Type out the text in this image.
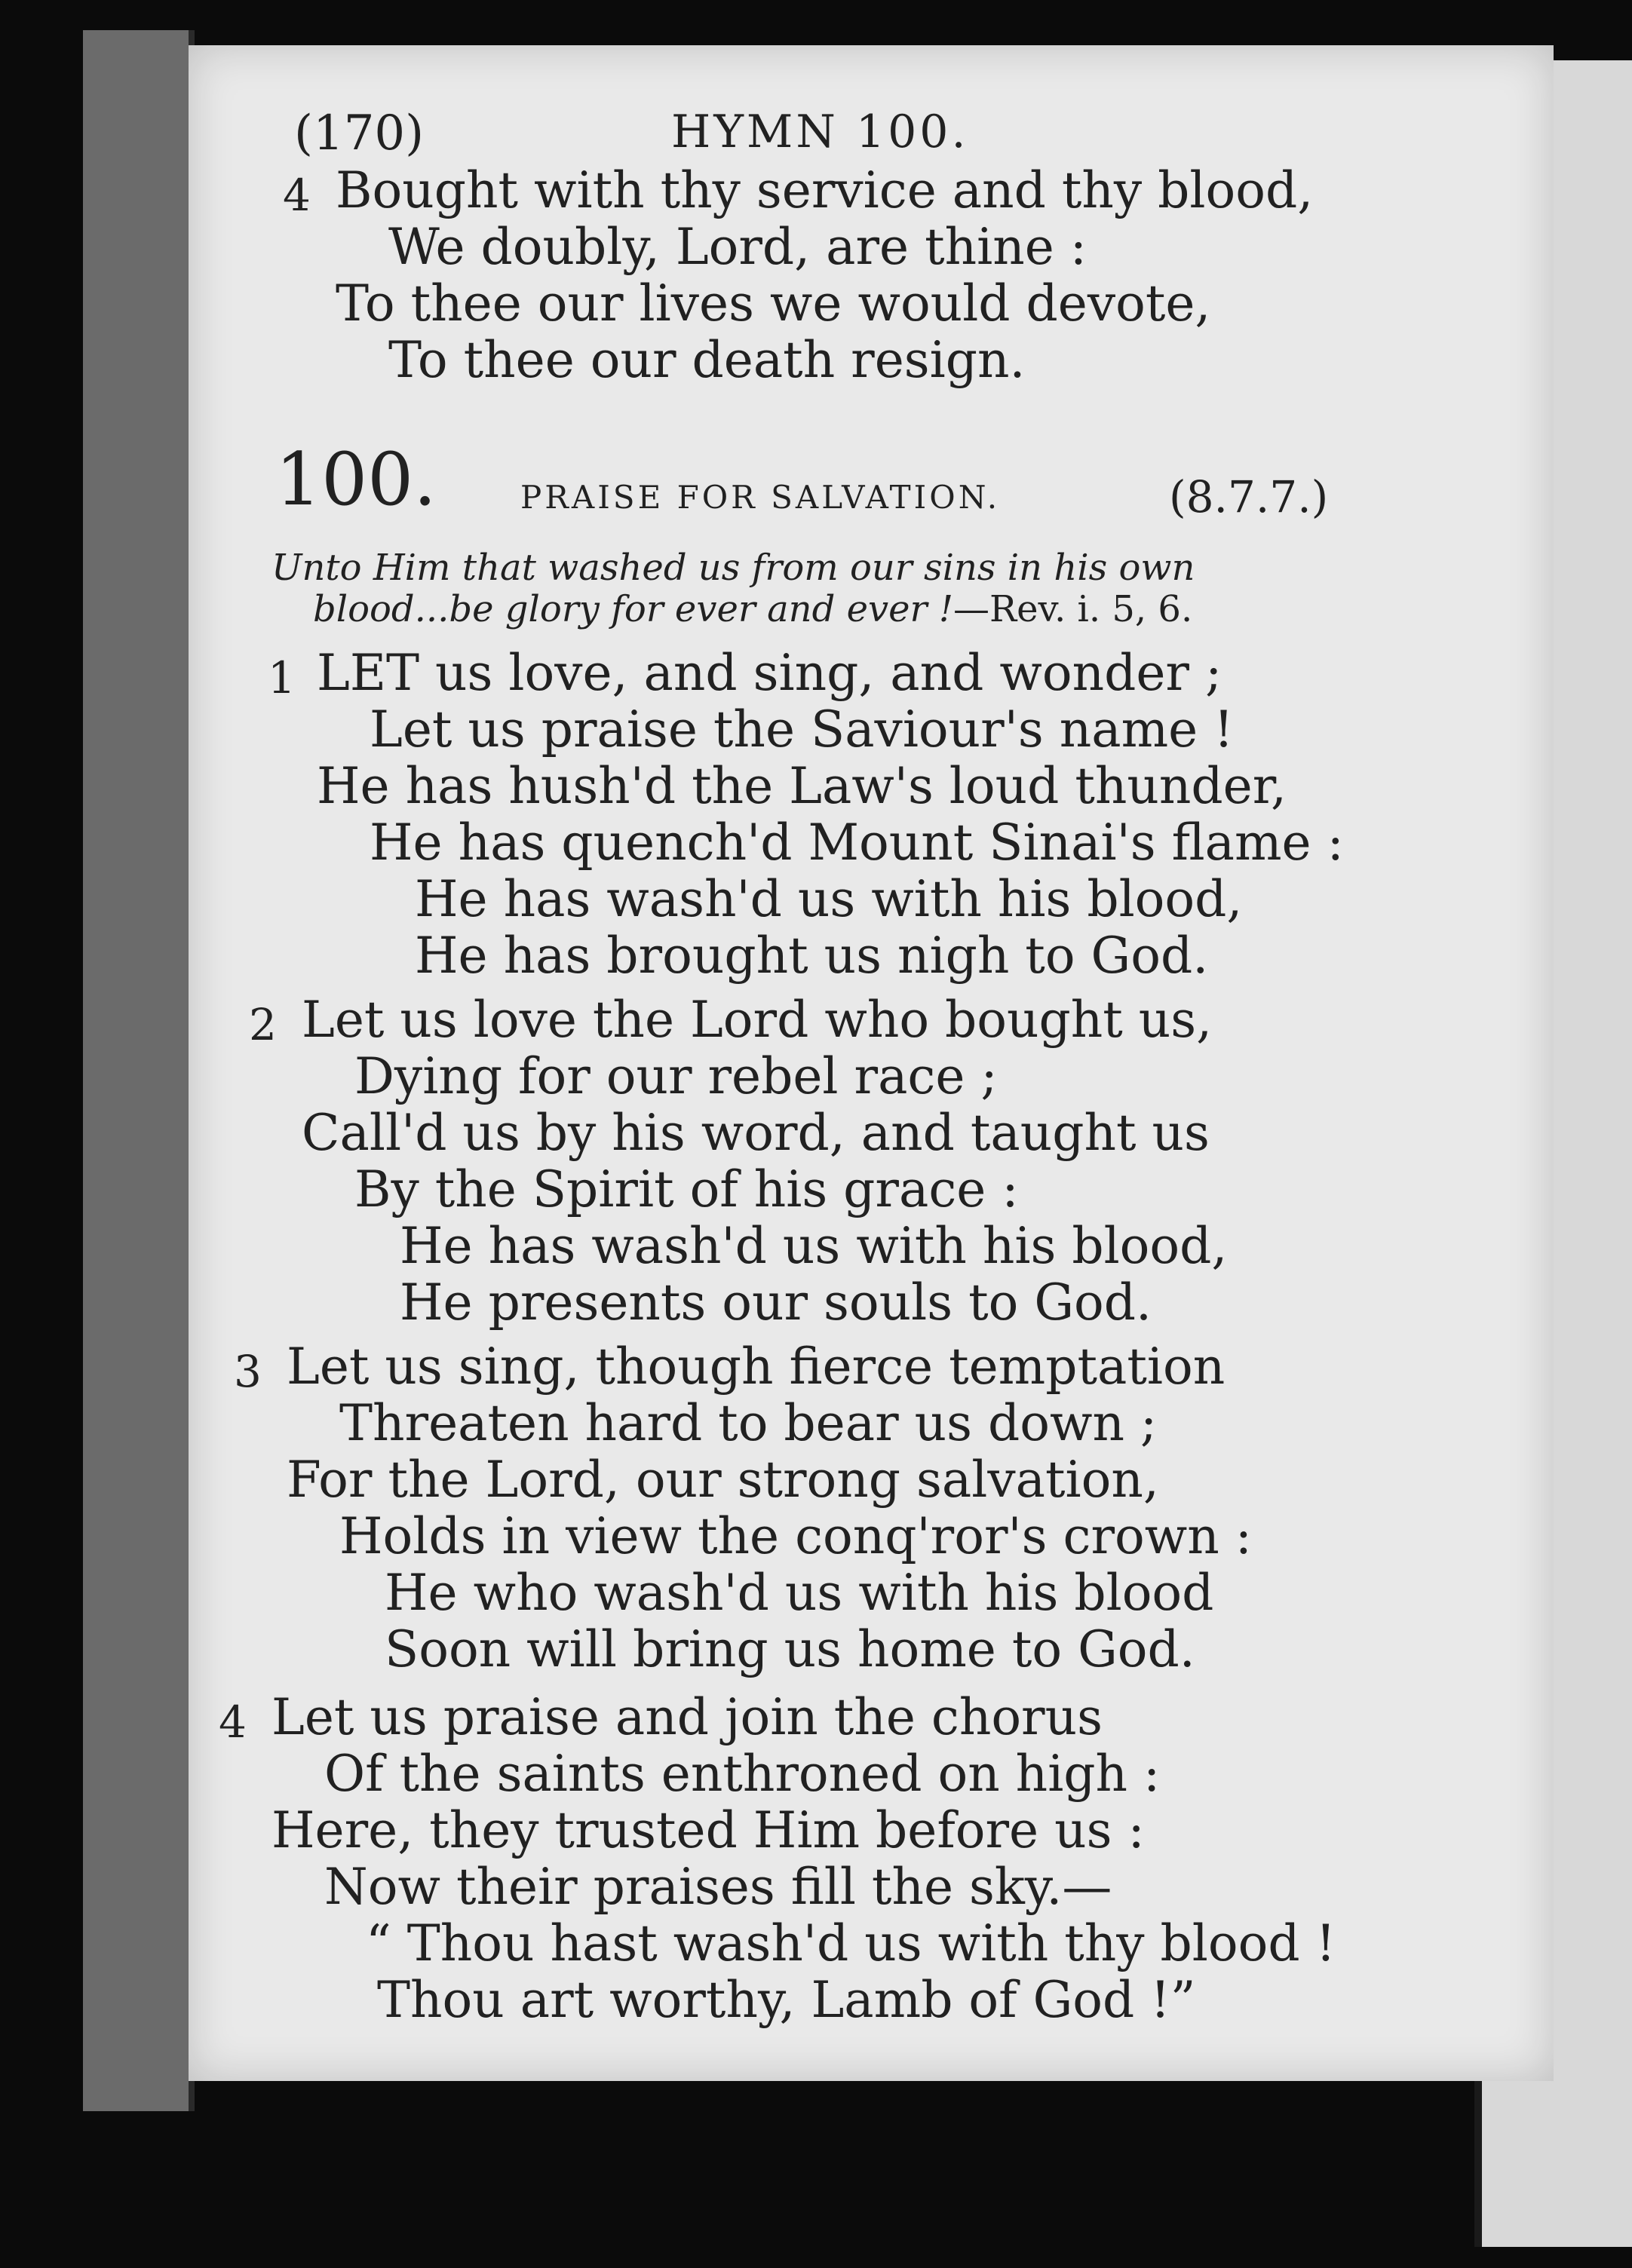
(170)	HYMN 100.
4 Bought with thy service and thy blood,
We doubly, Lord, are thine :
To thee our lives we would devote,
To thee our death resign.
100.	PRAISE FOR SALVATION.	(8.7.7.)
Unto Him that washed us from our sins in his own
blood...be glory for ever and ever !—Rev. i. 5, 6.
1 LET us love, and sing, and wonder ;
Let us praise the Saviour's name !
He has hush'd the Law's loud thunder,
He has quench'd Mount Sinai's flame :
He has wash'd us with his blood,
He has brought us nigh to God.
2 Let us love the Lord who bought us,
Dying for our rebel race ;
Call'd us by his word, and taught us
By the Spirit of his grace :
He has wash'd us with his blood,
He presents our souls to God.
3 Let us sing, though fierce temptation
Threaten hard to bear us down ;
For the Lord, our strong salvation,
Holds in view the conq'ror's crown :
He who wash'd us with his blood
Soon will bring us home to God.
4 Let us praise and join the chorus
Of the saints enthroned on high :
Here, they trusted Him before us :
Now their praises fill the sky.—
“ Thou hast wash'd us with thy blood !
Thou art worthy, Lamb of God !”
